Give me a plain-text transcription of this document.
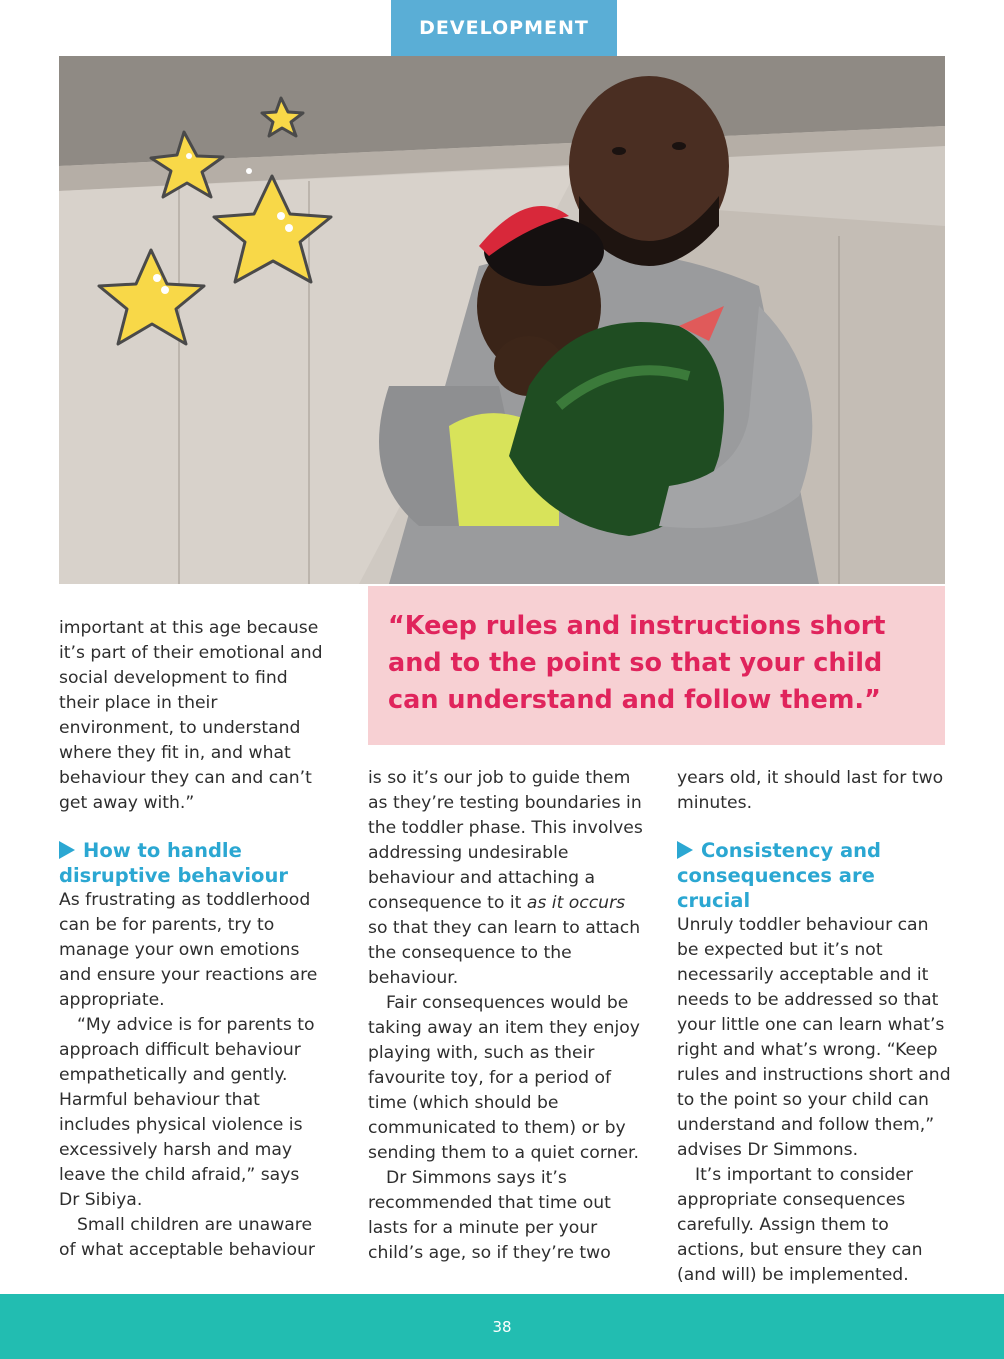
DEVELOPMENT
“Keep rules and instructions short and to the point so that your child can understand and follow them.”

important at this age because it’s part of their emotional and social development to find their place in their environment, to understand where they fit in, and what behaviour they can and can’t get away with.”

How to handle
disruptive behaviour

As frustrating as toddlerhood can be for parents, try to manage your own emotions and ensure your reactions are appropriate.

“My advice is for parents to approach difficult behaviour empathetically and gently. Harmful behaviour that includes physical violence is excessively harsh and may leave the child afraid,” says Dr Sibiya.

Small children are unaware of what acceptable behaviour

is so it’s our job to guide them as they’re testing boundaries in the toddler phase. This involves addressing undesirable behaviour and attaching a consequence to it as it occurs so that they can learn to attach the consequence to the behaviour.

Fair consequences would be taking away an item they enjoy playing with, such as their favourite toy, for a period of time (which should be communicated to them) or by sending them to a quiet corner.

Dr Simmons says it’s recommended that time out lasts for a minute per your child’s age, so if they’re two

years old, it should last for two minutes.

Consistency and
consequences are crucial

Unruly toddler behaviour can be expected but it’s not necessarily acceptable and it needs to be addressed so that your little one can learn what’s right and what’s wrong. “Keep rules and instructions short and to the point so your child can understand and follow them,” advises Dr Simmons.

It’s important to consider appropriate consequences carefully. Assign them to actions, but ensure they can (and will) be implemented.

38
